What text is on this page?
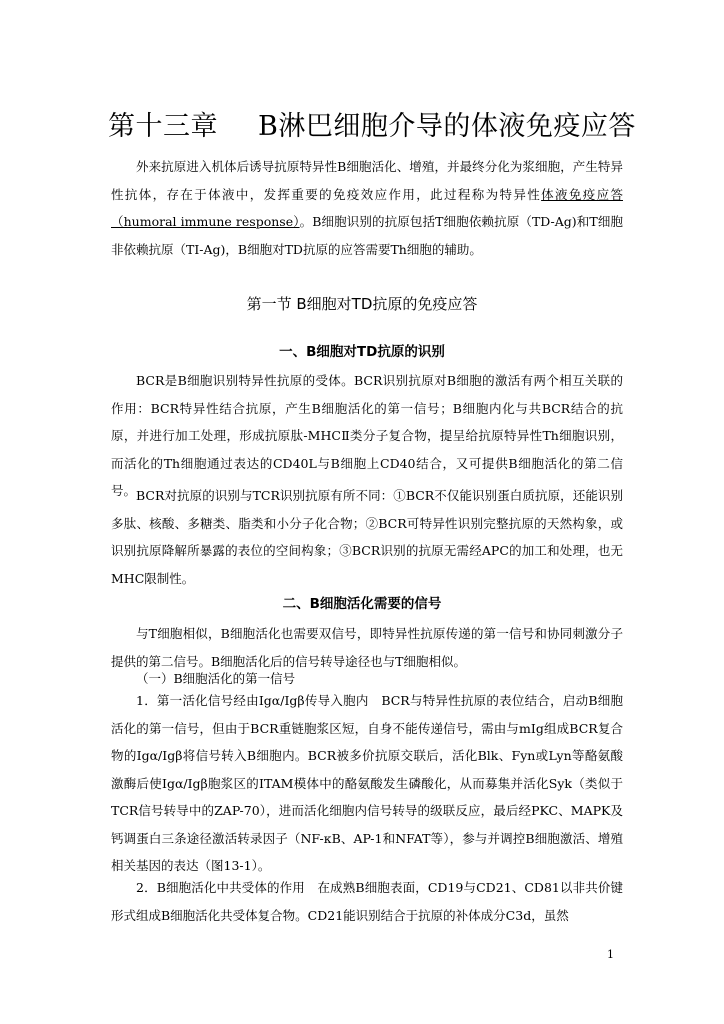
第十三章 B淋巴细胞介导的体液免疫应答

外来抗原进入机体后诱导抗原特异性B细胞活化、增殖，并最终分化为浆细胞，产生特异性抗体，存在于体液中，发挥重要的免疫效应作用，此过程称为特异性体液免疫应答（humoral immune response）。B细胞识别的抗原包括T细胞依赖抗原（TD-Ag)和T细胞非依赖抗原（TI-Ag)，B细胞对TD抗原的应答需要Th细胞的辅助。

第一节 B细胞对TD抗原的免疫应答
一、B细胞对TD抗原的识别

BCR是B细胞识别特异性抗原的受体。BCR识别抗原对B细胞的激活有两个相互关联的作用：BCR特异性结合抗原，产生B细胞活化的第一信号；B细胞内化与共BCR结合的抗原，并进行加工处理，形成抗原肽-MHCⅡ类分子复合物，提呈给抗原特异性Th细胞识别，而活化的Th细胞通过表达的CD40L与B细胞上CD40结合，又可提供B细胞活化的第二信号。 BCR对抗原的识别与TCR识别抗原有所不同：①BCR不仅能识别蛋白质抗原，还能识别多肽、核酸、多糖类、脂类和小分子化合物；②BCR可特异性识别完整抗原的天然构象，或识别抗原降解所暴露的表位的空间构象；③BCR识别的抗原无需经APC的加工和处理，也无MHC限制性。

二、B细胞活化需要的信号

与T细胞相似，B细胞活化也需要双信号，即特异性抗原传递的第一信号和协同刺激分子提供的第二信号。B细胞活化后的信号转导途径也与T细胞相似。

（一）B细胞活化的第一信号

1．第一活化信号经由Igα/Igβ传导入胞内　BCR与特异性抗原的表位结合，启动B细胞活化的第一信号，但由于BCR重链胞浆区短，自身不能传递信号，需由与mIg组成BCR复合物的Igα/Igβ将信号转入B细胞内。BCR被多价抗原交联后，活化Blk、Fyn或Lyn等酪氨酸激酶后使Igα/Igβ胞浆区的ITAM模体中的酪氨酸发生磷酸化，从而募集并活化Syk（类似于TCR信号转导中的ZAP-70），进而活化细胞内信号转导的级联反应，最后经PKC、MAPK及钙调蛋白三条途径激活转录因子（NF-κB、AP-1和NFAT等），参与并调控B细胞激活、增殖相关基因的表达（图13-1）。

2．B细胞活化中共受体的作用　在成熟B细胞表面，CD19与CD21、CD81以非共价键形式组成B细胞活化共受体复合物。CD21能识别结合于抗原的补体成分C3d，虽然

1
